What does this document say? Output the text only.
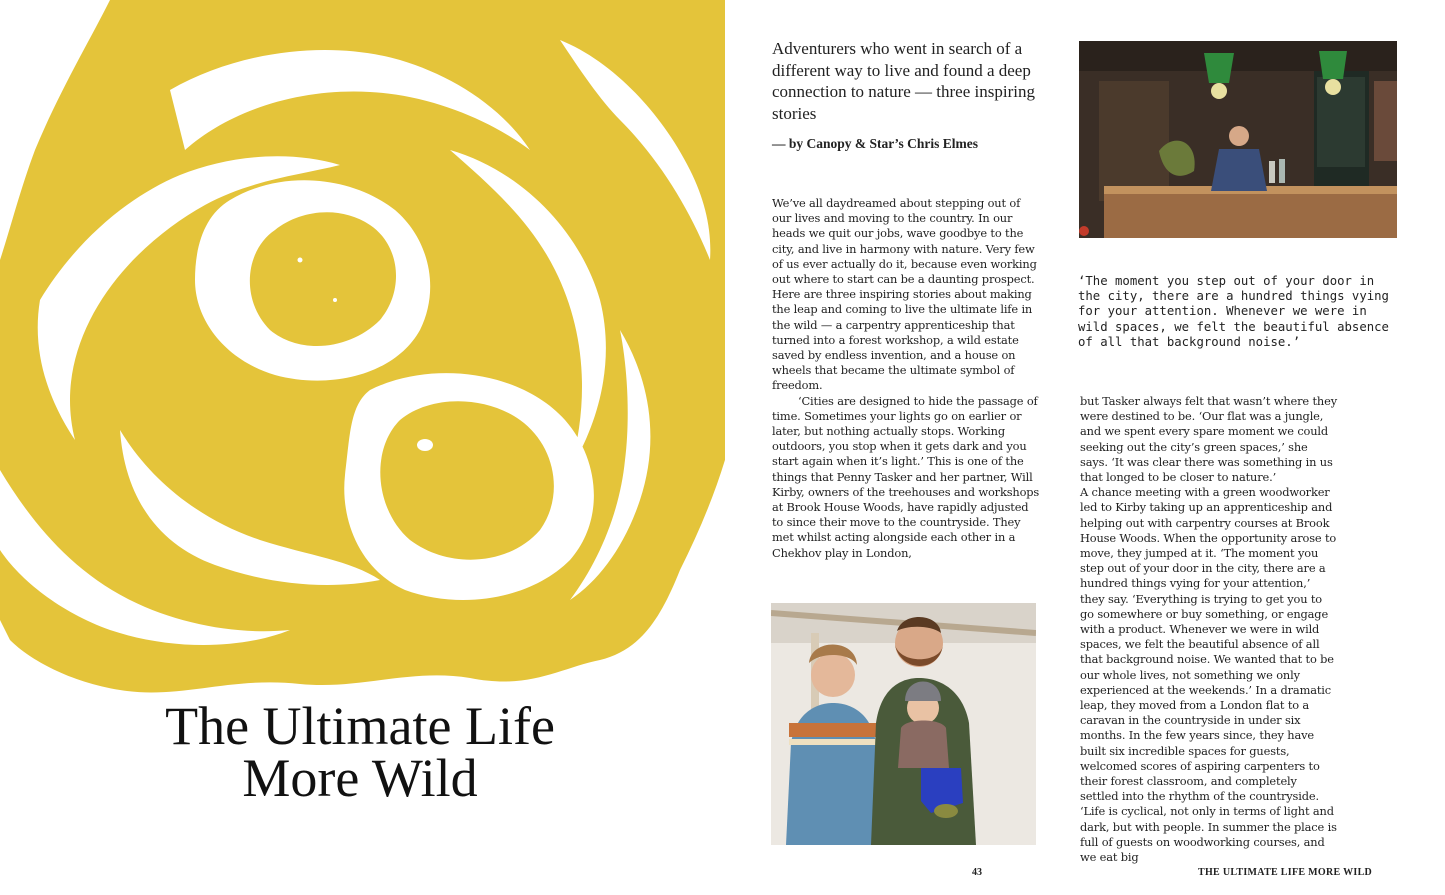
The Ultimate Life
More Wild

Adventurers who went in search of a different way to live and found a deep connection to nature — three inspiring stories

— by Canopy & Star’s Chris Elmes

We’ve all daydreamed about stepping out of our lives and moving to the country. In our heads we quit our jobs, wave goodbye to the city, and live in harmony with nature. Very few of us ever actually do it, because even working out where to start can be a daunting prospect. Here are three inspiring stories about making the leap and coming to live the ultimate life in the wild — a carpentry apprenticeship that turned into a forest workshop, a wild estate saved by endless invention, and a house on wheels that became the ultimate symbol of freedom.

‘Cities are designed to hide the passage of time. Sometimes your lights go on earlier or later, but nothing actually stops. Working outdoors, you stop when it gets dark and you start again when it’s light.’ This is one of the things that Penny Tasker and her partner, Will Kirby, owners of the treehouses and workshops at Brook House Woods, have rapidly adjusted to since their move to the countryside. They met whilst acting alongside each other in a Chekhov play in London,

‘The moment you step out of your door in the city, there are a hundred things vying for your attention. Whenever we were in wild spaces, we felt the beautiful absence of all that background noise.’

but Tasker always felt that wasn’t where they were destined to be. ‘Our flat was a jungle, and we spent every spare moment we could seeking out the city’s green spaces,’ she says. ‘It was clear there was something in us that longed to be closer to nature.’

A chance meeting with a green woodworker led to Kirby taking up an apprenticeship and helping out with carpentry courses at Brook House Woods. When the opportunity arose to move, they jumped at it. ‘The moment you step out of your door in the city, there are a hundred things vying for your attention,’ they say. ‘Everything is trying to get you to go somewhere or buy something, or engage with a product. Whenever we were in wild spaces, we felt the beautiful absence of all that background noise. We wanted that to be our whole lives, not something we only experienced at the weekends.’ In a dramatic leap, they moved from a London flat to a caravan in the countryside in under six months. In the few years since, they have built six incredible spaces for guests, welcomed scores of aspiring carpenters to their forest classroom, and completely settled into the rhythm of the countryside. ‘Life is cyclical, not only in terms of light and dark, but with people. In summer the place is full of guests on woodworking courses, and we eat big

43	THE ULTIMATE LIFE MORE WILD
